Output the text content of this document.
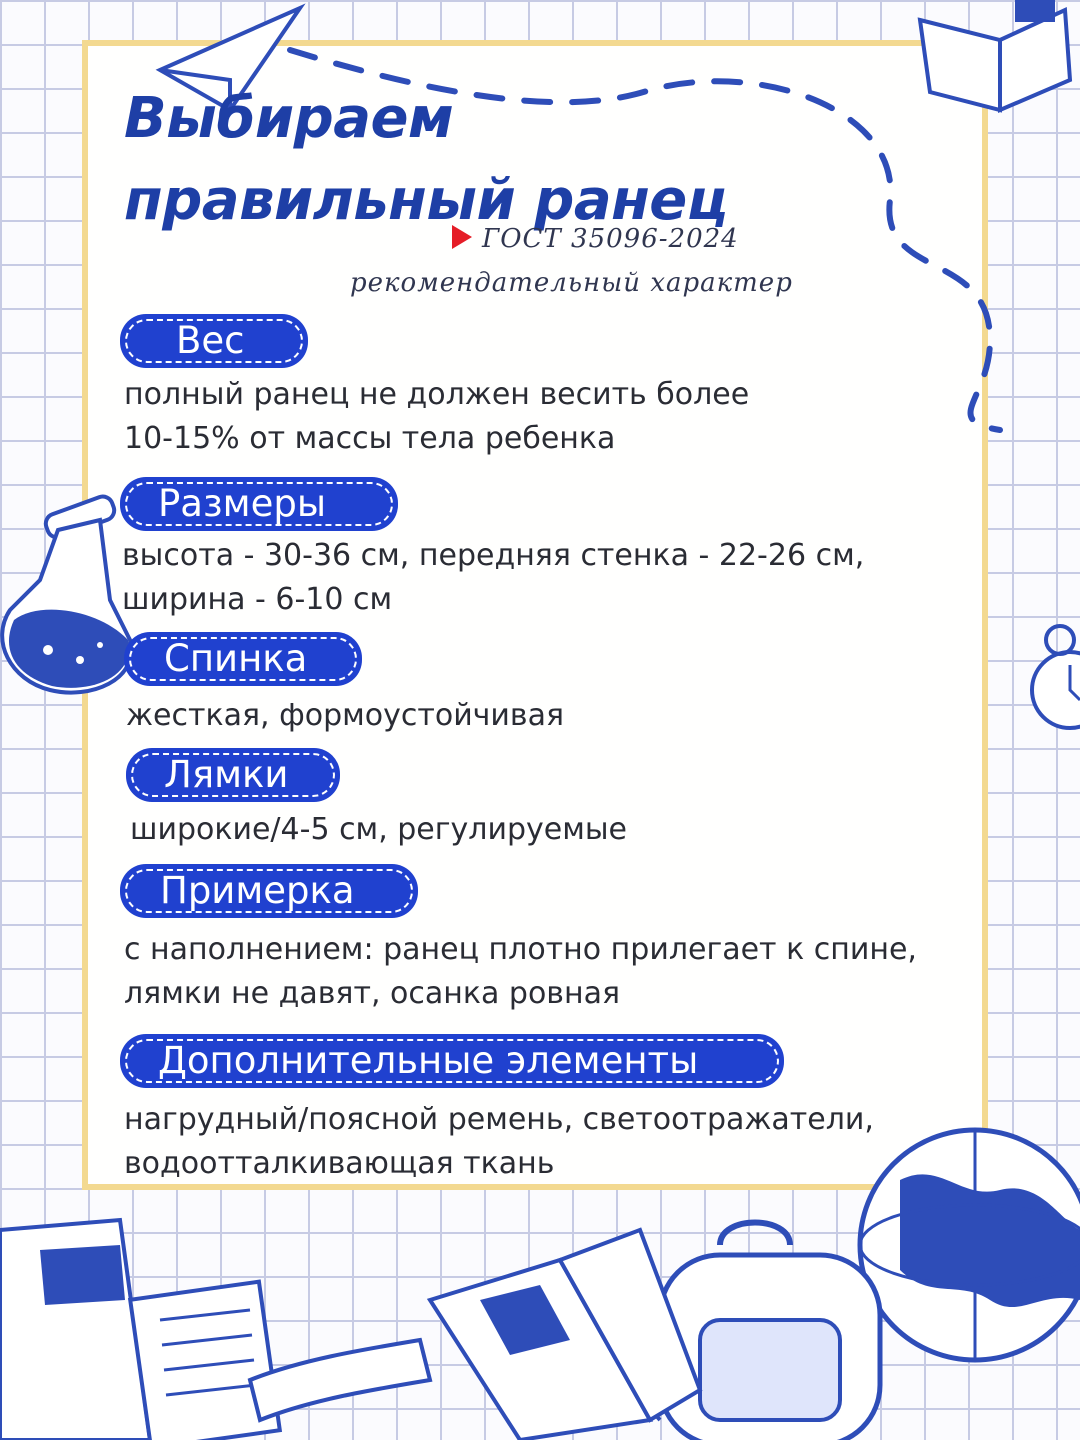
Выбираем
правильный ранец
ГОСТ 35096-2024
рекомендательный характер
Вес
полный ранец не должен весить более
10-15% от массы тела ребенка
Размеры
высота - 30-36 см, передняя стенка - 22-26 см,
ширина - 6-10 см
Спинка
жесткая, формоустойчивая
Лямки
широкие/4-5 см, регулируемые
Примерка
с наполнением: ранец плотно прилегает к спине,
лямки не давят, осанка ровная
Дополнительные элементы
нагрудный/поясной ремень, светоотражатели,
водоотталкивающая ткань
